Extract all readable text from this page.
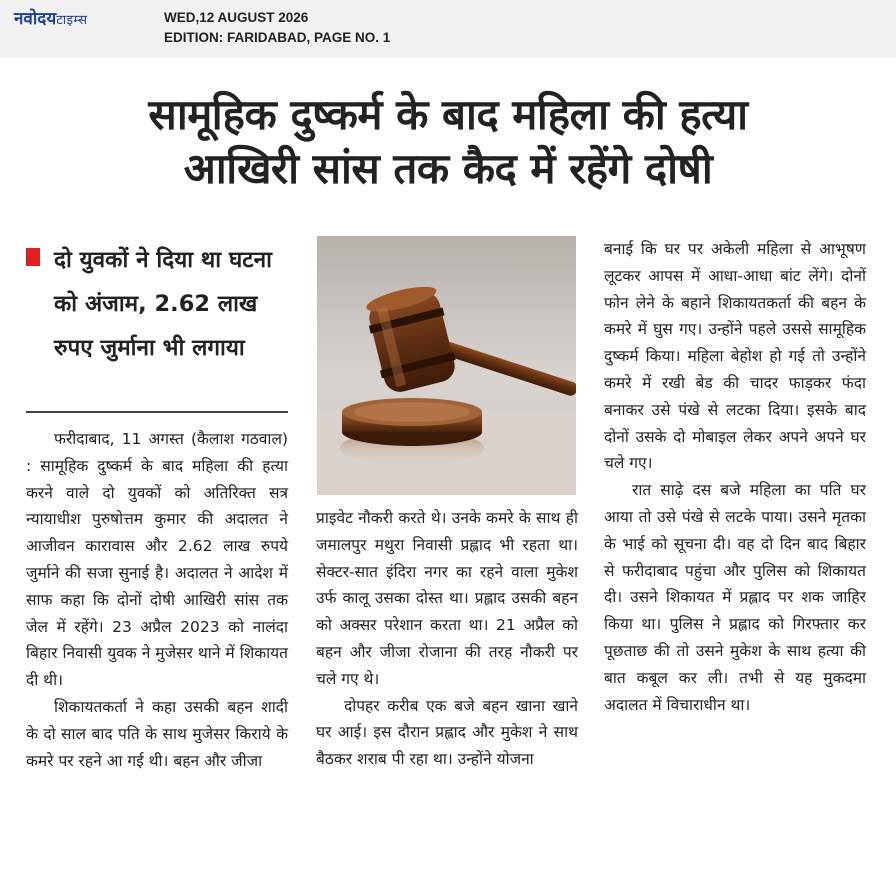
नवोदयटाइम्स	WED,12 AUGUST 2026
EDITION: FARIDABAD, PAGE NO. 1
सामूहिक दुष्कर्म के बाद महिला की हत्या
आखिरी सांस तक कैद में रहेंगे दोषी

दो युवकों ने दिया था घटना को अंजाम, 2.62 लाख रुपए जुर्माना भी लगाया

फरीदाबाद, 11 अगस्त (कैलाश गठवाल) : सामूहिक दुष्कर्म के बाद महिला की हत्या करने वाले दो युवकों को अतिरिक्त सत्र न्यायाधीश पुरुषोत्तम कुमार की अदालत ने आजीवन कारावास और 2.62 लाख रुपये जुर्माने की सजा सुनाई है। अदालत ने आदेश में साफ कहा कि दोनों दोषी आखिरी सांस तक जेल में रहेंगे। 23 अप्रैल 2023 को नालंदा बिहार निवासी युवक ने मुजेसर थाने में शिकायत दी थी।

शिकायतकर्ता ने कहा उसकी बहन शादी के दो साल बाद पति के साथ मुजेसर किराये के कमरे पर रहने आ गई थी। बहन और जीजा

प्राइवेट नौकरी करते थे। उनके कमरे के साथ ही जमालपुर मथुरा निवासी प्रह्लाद भी रहता था। सेक्टर-सात इंदिरा नगर का रहने वाला मुकेश उर्फ कालू उसका दोस्त था। प्रह्लाद उसकी बहन को अक्सर परेशान करता था। 21 अप्रैल को बहन और जीजा रोजाना की तरह नौकरी पर चले गए थे।

दोपहर करीब एक बजे बहन खाना खाने घर आई। इस दौरान प्रह्लाद और मुकेश ने साथ बैठकर शराब पी रहा था। उन्होंने योजना

बनाई कि घर पर अकेली महिला से आभूषण लूटकर आपस में आधा-आधा बांट लेंगे। दोनों फोन लेने के बहाने शिकायतकर्ता की बहन के कमरे में घुस गए। उन्होंने पहले उससे सामूहिक दुष्कर्म किया। महिला बेहोश हो गई तो उन्होंने कमरे में रखी बेड की चादर फाड़कर फंदा बनाकर उसे पंखे से लटका दिया। इसके बाद दोनों उसके दो मोबाइल लेकर अपने अपने घर चले गए।

रात साढ़े दस बजे महिला का पति घर आया तो उसे पंखे से लटके पाया। उसने मृतका के भाई को सूचना दी। वह दो दिन बाद बिहार से फरीदाबाद पहुंचा और पुलिस को शिकायत दी। उसने शिकायत में प्रह्लाद पर शक जाहिर किया था। पुलिस ने प्रह्लाद को गिरफ्तार कर पूछताछ की तो उसने मुकेश के साथ हत्या की बात कबूल कर ली। तभी से यह मुकदमा अदालत में विचाराधीन था।
